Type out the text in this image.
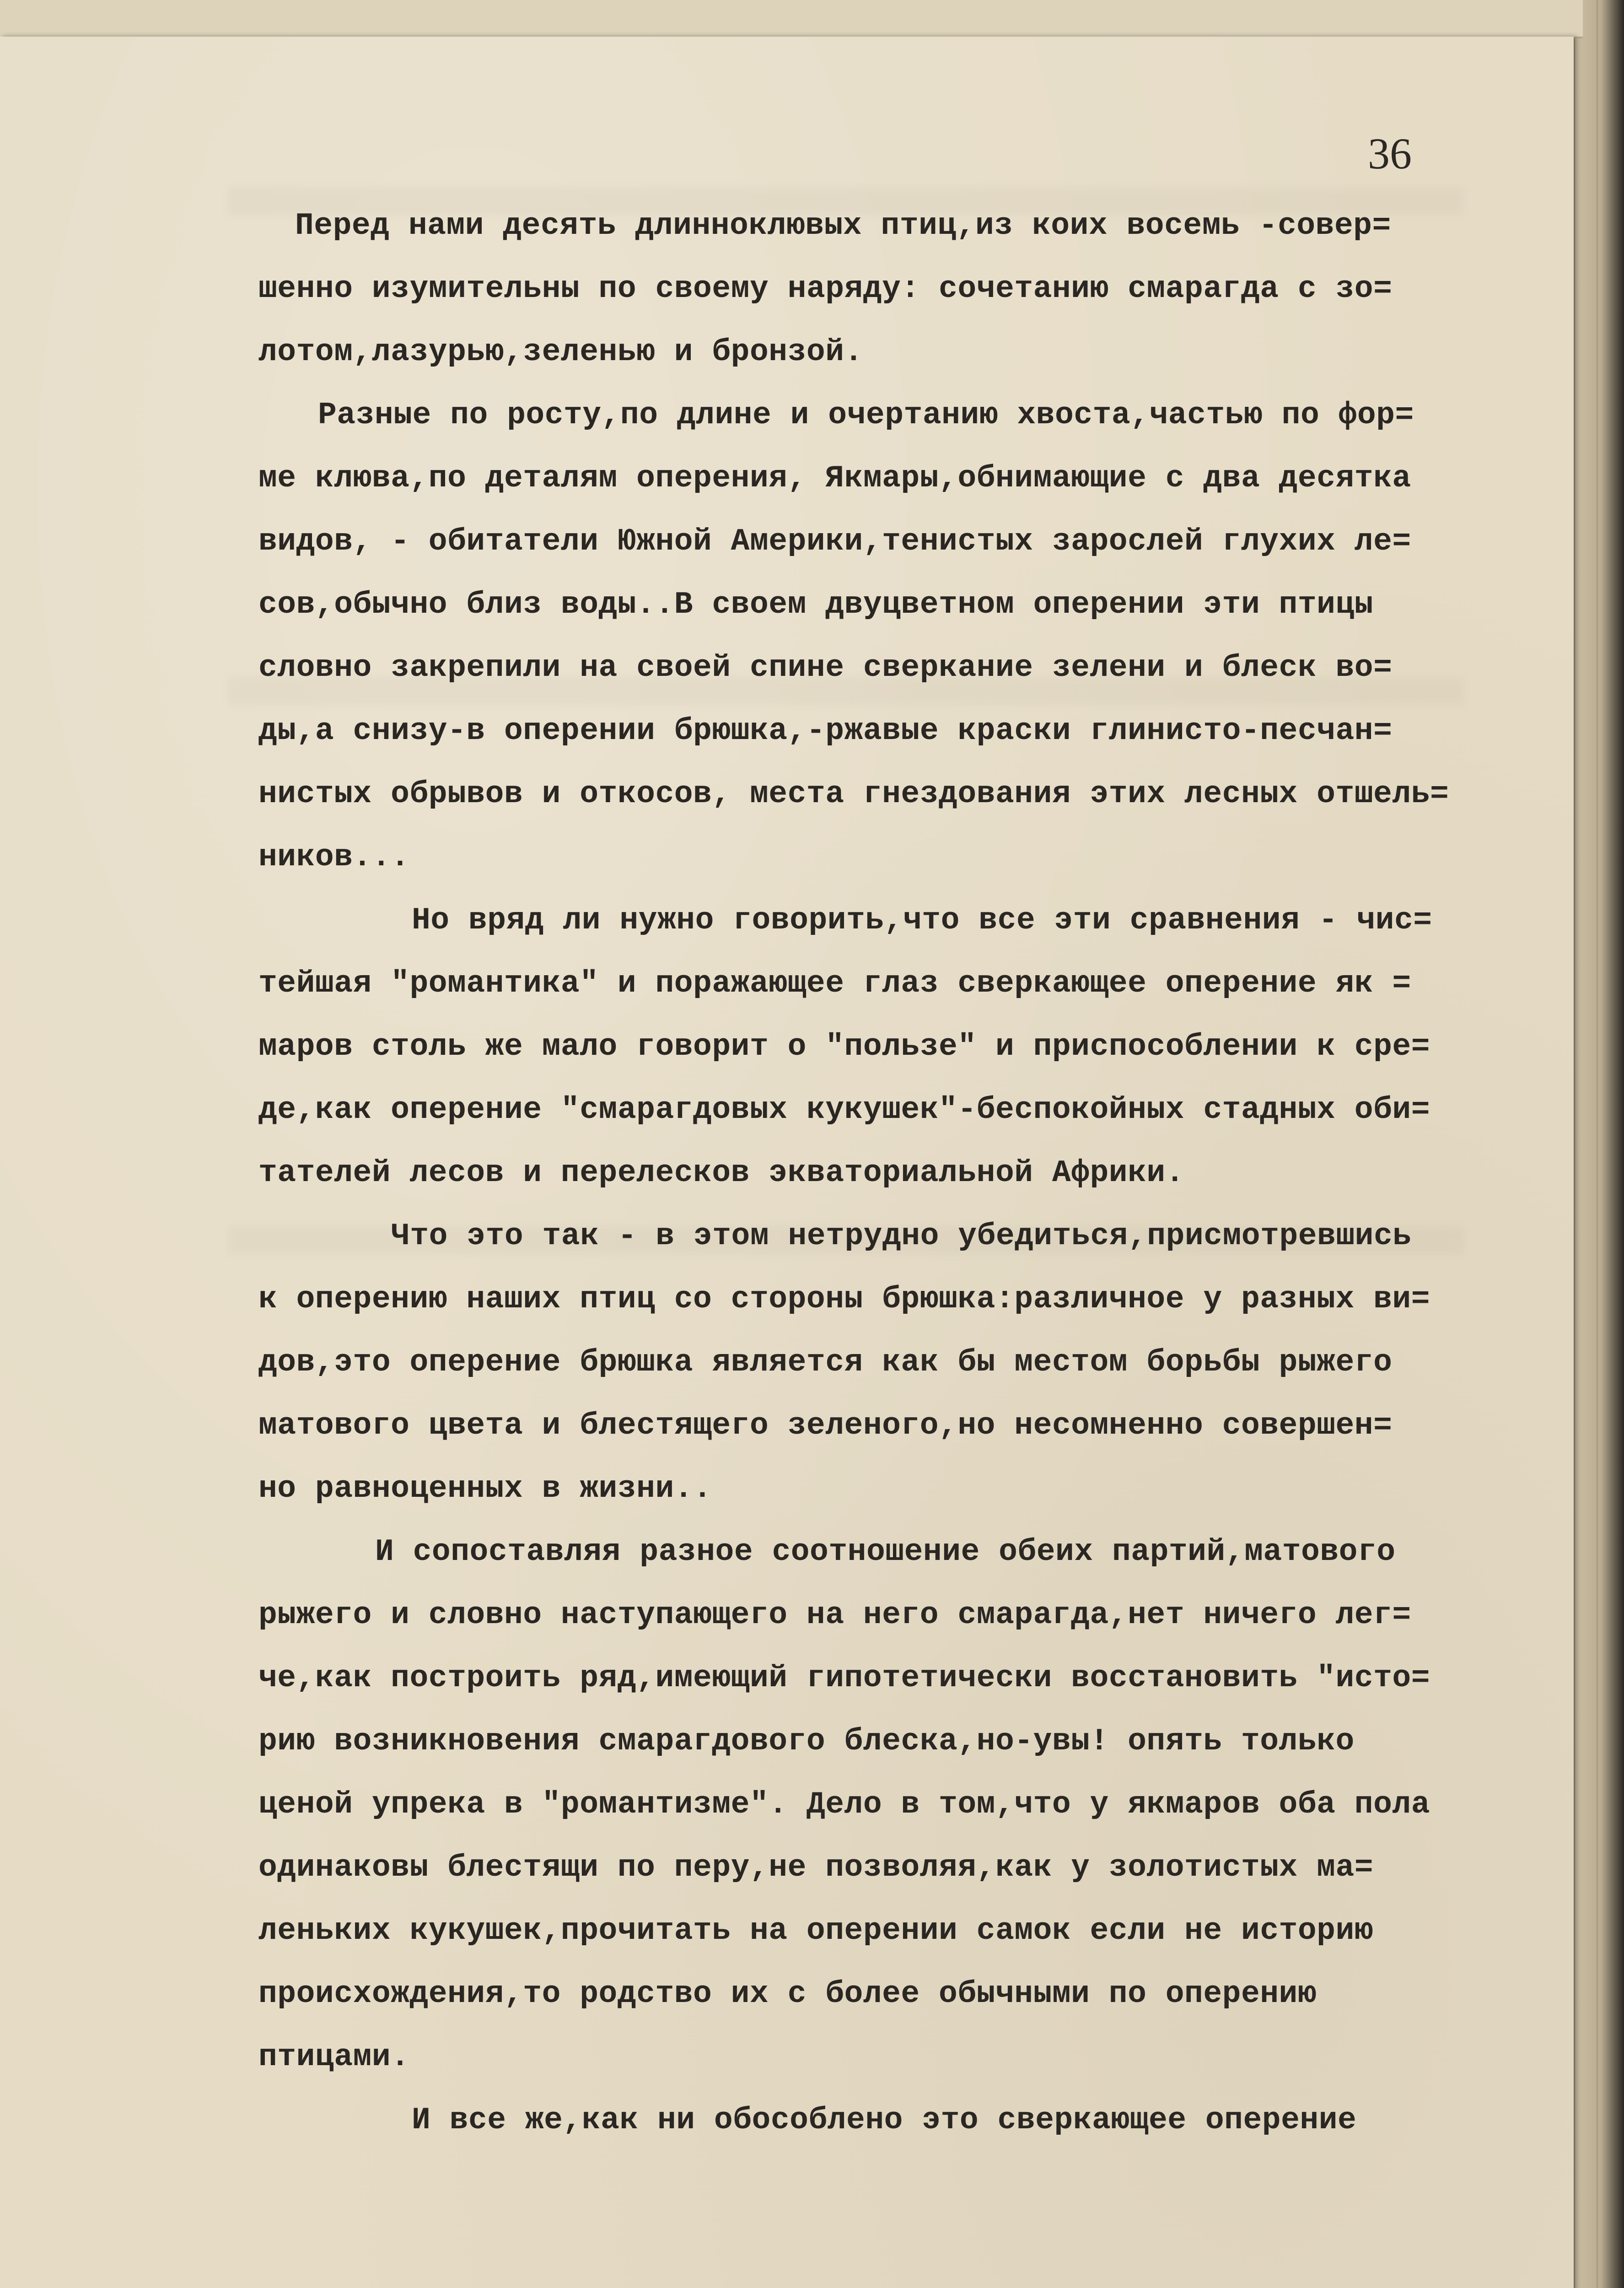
36
Перед нами десять длинноклювых птиц,из коих восемь -совер=
шенно изумительны по своему наряду: сочетанию смарагда с зо=
лотом,лазурью,зеленью и бронзой.
Разные по росту,по длине и очертанию хвоста,частью по фор=
ме клюва,по деталям оперения, Якмары,обнимающие с два десятка
видов, - обитатели Южной Америки,тенистых зарослей глухих ле=
сов,обычно близ воды..В своем двуцветном оперении эти птицы
словно закрепили на своей спине сверкание зелени и блеск во=
ды,а снизу-в оперении брюшка,-ржавые краски глинисто-песчан=
нистых обрывов и откосов, места гнездования этих лесных отшель=
ников...
Но вряд ли нужно говорить,что все эти сравнения - чис=
тейшая "романтика" и поражающее глаз сверкающее оперение як =
маров столь же мало говорит о "пользе" и приспособлении к сре=
де,как оперение "смарагдовых кукушек"-беспокойных стадных оби=
тателей лесов и перелесков экваториальной Африки.
Что это так - в этом нетрудно убедиться,присмотревшись
к оперению наших птиц со стороны брюшка:различное у разных ви=
дов,это оперение брюшка является как бы местом борьбы рыжего
матового цвета и блестящего зеленого,но несомненно совершен=
но равноценных в жизни..
И сопоставляя разное соотношение обеих партий,матового
рыжего и словно наступающего на него смарагда,нет ничего лег=
че,как построить ряд,имеющий гипотетически восстановить "исто=
рию возникновения смарагдового блеска,но-увы! опять только
ценой упрека в "романтизме". Дело в том,что у якмаров оба пола
одинаковы блестящи по перу,не позволяя,как у золотистых ма=
леньких кукушек,прочитать на оперении самок если не историю
происхождения,то родство их с более обычными по оперению
птицами.
И все же,как ни обособлено это сверкающее оперение
